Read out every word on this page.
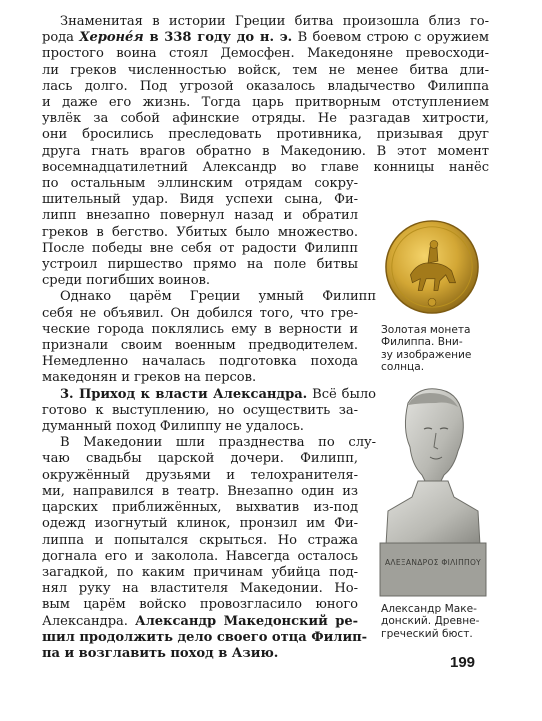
Знаменитая в истории Греции битва произошла близ го-
рода Херонéя в 338 году до н. э. В боевом строю с оружием
простого воина стоял Демосфен. Македоняне превосходи-
ли греков численностью войск, тем не менее битва дли-
лась долго. Под угрозой оказалось владычество Филиппа
и даже его жизнь. Тогда царь притворным отступлением
увлёк за собой афинские отряды. Не разгадав хитрости,
они бросились преследовать противника, призывая друг
друга гнать врагов обратно в Македонию. В этот момент
восемнадцатилетний Александр во главе конницы нанёс
по остальным эллинским отрядам сокру-
шительный удар. Видя успехи сына, Фи-
липп внезапно повернул назад и обратил
греков в бегство. Убитых было множество.
После победы вне себя от радости Филипп
устроил пиршество прямо на поле битвы
среди погибших воинов.
Однако царём Греции умный Филипп
себя не объявил. Он добился того, что гре-
ческие города поклялись ему в верности и
признали своим военным предводителем.
Немедленно началась подготовка похода
македонян и греков на персов.
3. Приход к власти Александра. Всё было
готово к выступлению, но осуществить за-
думанный поход Филиппу не удалось.
В Македонии шли празднества по слу-
чаю свадьбы царской дочери. Филипп,
окружённый друзьями и телохранителя-
ми, направился в театр. Внезапно один из
царских приближённых, выхватив из-под
одежд изогнутый клинок, пронзил им Фи-
липпа и попытался скрыться. Но стража
догнала его и заколола. Навсегда осталось
загадкой, по каким причинам убийца под-
нял руку на властителя Македонии. Но-
вым царём войско провозгласило юного
Александра. Александр Македонский ре-
шил продолжить дело своего отца Филип-
па и возглавить поход в Азию.
Золотая монета
Филиппа. Вни-
зу изображение
солнца.
ΑΛΕΞΑΝΔΡΟΣ ΦΙΛΙΠΠΟΥ
Александр Маке-
донский. Древне-
греческий бюст.
199
